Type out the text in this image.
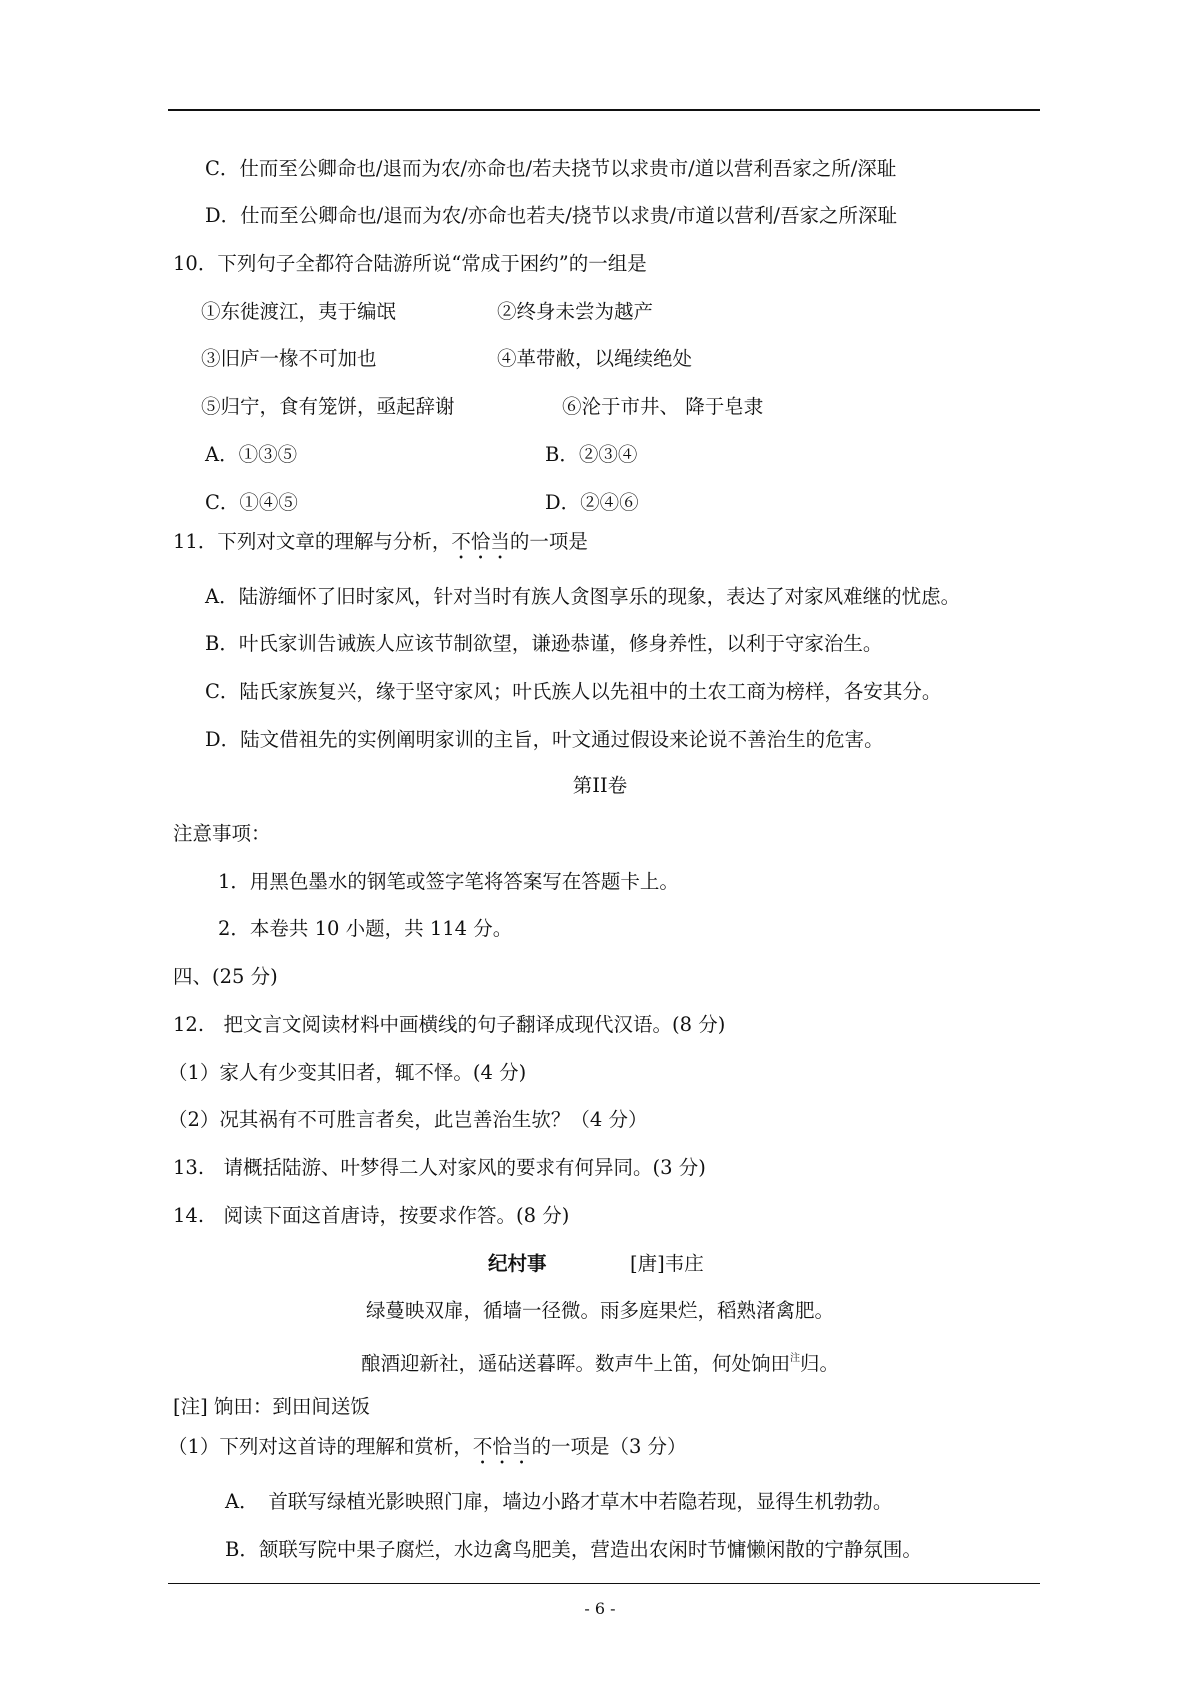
C．仕而至公卿命也/退而为农/亦命也/若夫挠节以求贵市/道以营利吾家之所/深耻
D．仕而至公卿命也/退而为农/亦命也若夫/挠节以求贵/市道以营利/吾家之所深耻
10．下列句子全都符合陆游所说“常成于困约”的一组是
①东徙渡江，夷于编氓	②终身未尝为越产
③旧庐一椽不可加也	④革带敝，以绳续绝处
⑤归宁，食有笼饼，亟起辞谢	⑥沦于市井、 降于皂隶
A．①③⑤	B．②③④
C．①④⑤	D．②④⑥
11．下列对文章的理解与分析，不恰当的一项是
A．陆游缅怀了旧时家风，针对当时有族人贪图享乐的现象，表达了对家风难继的忧虑。
B．叶氏家训告诫族人应该节制欲望，谦逊恭谨，修身养性，以利于守家治生。
C．陆氏家族复兴，缘于坚守家风；叶氏族人以先祖中的土农工商为榜样，各安其分。
D．陆文借祖先的实例阐明家训的主旨，叶文通过假设来论说不善治生的危害。
第II卷
注意事项：
1．用黑色墨水的钢笔或签字笔将答案写在答题卡上。
2．本卷共 10 小题，共 114 分。
四、(25 分)
12.　把文言文阅读材料中画横线的句子翻译成现代汉语。(8 分)
（1）家人有少变其旧者，辄不怿。(4 分)
（2）况其祸有不可胜言者矣，此岂善治生欤？（4 分）
13.　请概括陆游、叶梦得二人对家风的要求有何异同。(3 分)
14.　阅读下面这首唐诗，按要求作答。(8 分)
纪村事	[唐]韦庄
绿蔓映双扉，循墙一径微。雨多庭果烂，稻熟渚禽肥。
酿酒迎新社，遥砧送暮晖。数声牛上笛，何处饷田$^注$归。
[注] 饷田：到田间送饭
（1）下列对这首诗的理解和赏析，不恰当的一项是（3 分）
A．　首联写绿植光影映照门扉，墙边小路才草木中若隐若现，显得生机勃勃。
B．颔联写院中果子腐烂，水边禽鸟肥美，营造出农闲时节慵懒闲散的宁静氛围。
- 6 -
